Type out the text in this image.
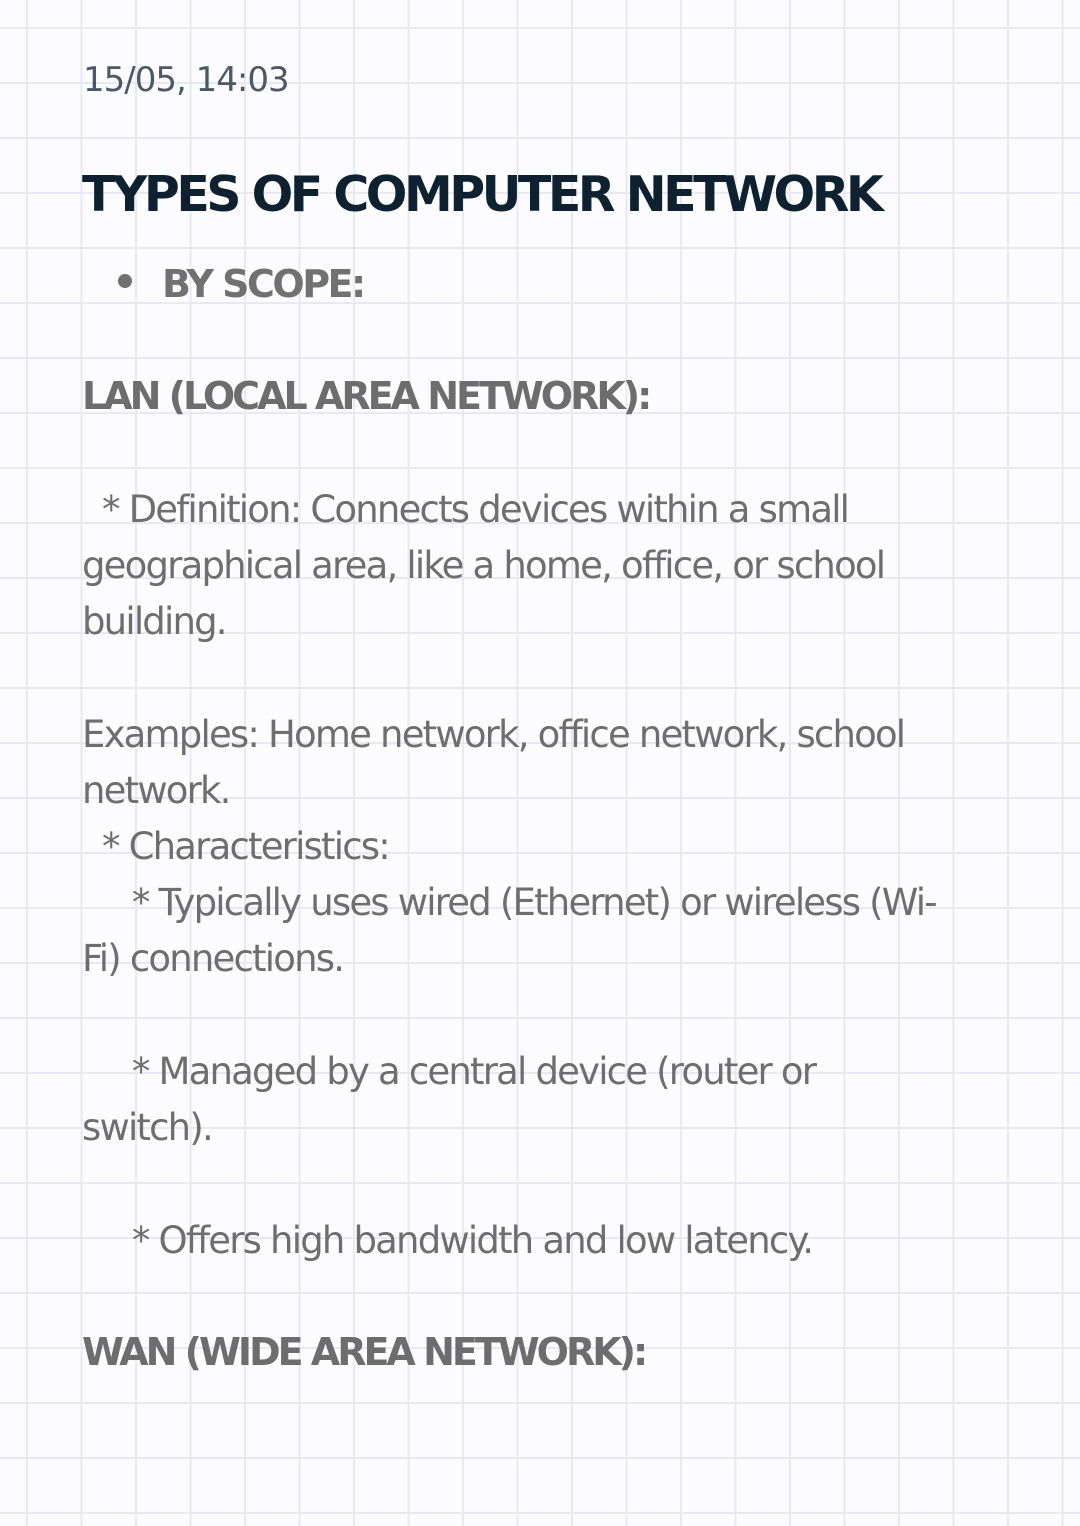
15/05, 14:03
TYPES OF COMPUTER NETWORK
BY SCOPE:
LAN (LOCAL AREA NETWORK):
* Definition: Connects devices within a small geographical area, like a home, office, or school building.
Examples: Home network, office network, school network.
* Characteristics:
* Typically uses wired (Ethernet) or wireless (Wi-Fi) connections.
* Managed by a central device (router or switch).
* Offers high bandwidth and low latency.
WAN (WIDE AREA NETWORK):
